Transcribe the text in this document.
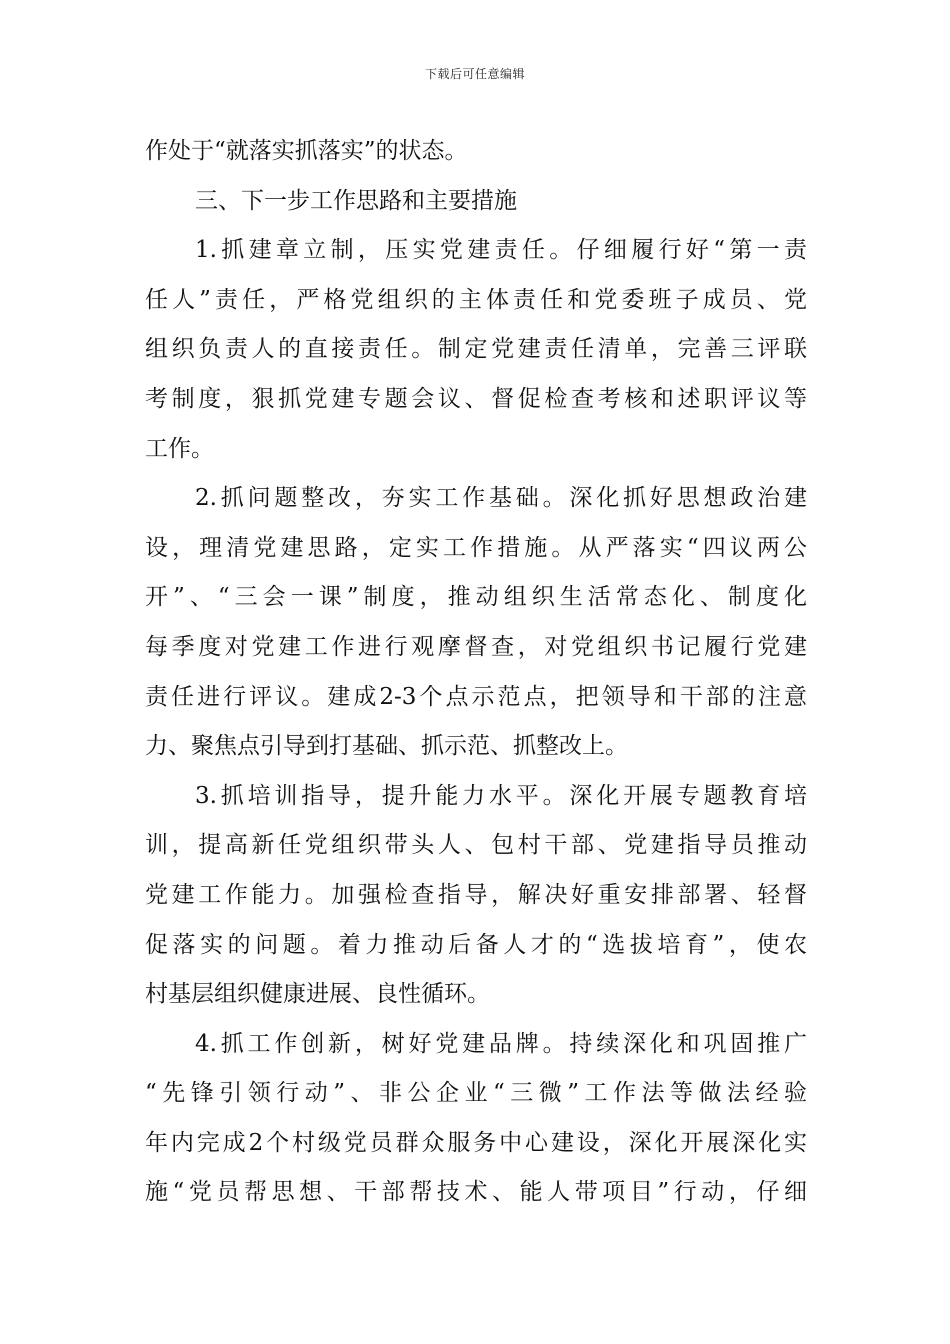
下载后可任意编辑
作处于“就落实抓落实”的状态。
三、下一步工作思路和主要措施
1.抓建章立制，压实党建责任。仔细履行好“第一责
任人”责任，严格党组织的主体责任和党委班子成员、党
组织负责人的直接责任。制定党建责任清单，完善三评联
考制度，狠抓党建专题会议、督促检查考核和述职评议等
工作。
2.抓问题整改，夯实工作基础。深化抓好思想政治建
设，理清党建思路，定实工作措施。从严落实“四议两公
开”、“三会一课”制度，推动组织生活常态化、制度化
每季度对党建工作进行观摩督查，对党组织书记履行党建
责任进行评议。建成2-3个点示范点，把领导和干部的注意
力、聚焦点引导到打基础、抓示范、抓整改上。
3.抓培训指导，提升能力水平。深化开展专题教育培
训，提高新任党组织带头人、包村干部、党建指导员推动
党建工作能力。加强检查指导，解决好重安排部署、轻督
促落实的问题。着力推动后备人才的“选拔培育”，使农
村基层组织健康进展、良性循环。
4.抓工作创新，树好党建品牌。持续深化和巩固推广
“先锋引领行动”、非公企业“三微”工作法等做法经验
年内完成2个村级党员群众服务中心建设，深化开展深化实
施“党员帮思想、干部帮技术、能人带项目”行动，仔细
